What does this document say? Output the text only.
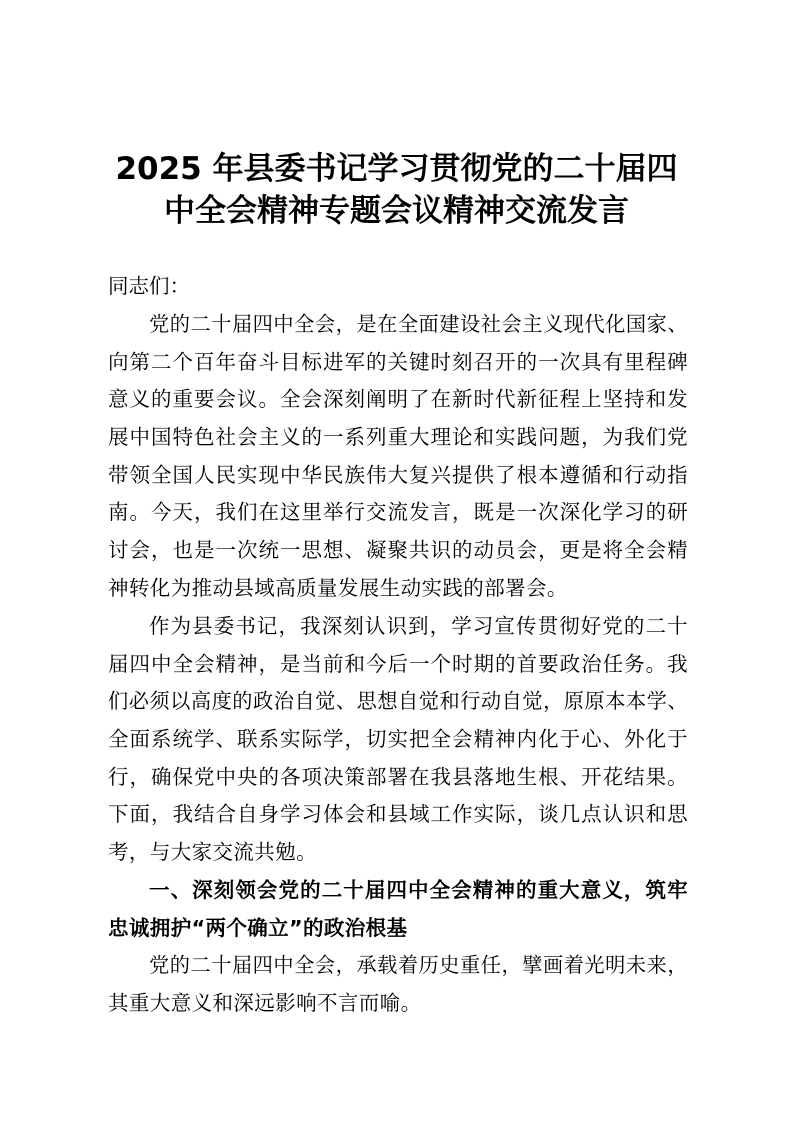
2025 年县委书记学习贯彻党的二十届四
中全会精神专题会议精神交流发言
同志们：
党的二十届四中全会，是在全面建设社会主义现代化国家、
向第二个百年奋斗目标进军的关键时刻召开的一次具有里程碑
意义的重要会议。全会深刻阐明了在新时代新征程上坚持和发
展中国特色社会主义的一系列重大理论和实践问题，为我们党
带领全国人民实现中华民族伟大复兴提供了根本遵循和行动指
南。今天，我们在这里举行交流发言，既是一次深化学习的研
讨会，也是一次统一思想、凝聚共识的动员会，更是将全会精
神转化为推动县域高质量发展生动实践的部署会。
作为县委书记，我深刻认识到，学习宣传贯彻好党的二十
届四中全会精神，是当前和今后一个时期的首要政治任务。我
们必须以高度的政治自觉、思想自觉和行动自觉，原原本本学、
全面系统学、联系实际学，切实把全会精神内化于心、外化于
行，确保党中央的各项决策部署在我县落地生根、开花结果。
下面，我结合自身学习体会和县域工作实际，谈几点认识和思
考，与大家交流共勉。
一、深刻领会党的二十届四中全会精神的重大意义，筑牢
忠诚拥护“两个确立”的政治根基
党的二十届四中全会，承载着历史重任，擘画着光明未来，
其重大意义和深远影响不言而喻。
